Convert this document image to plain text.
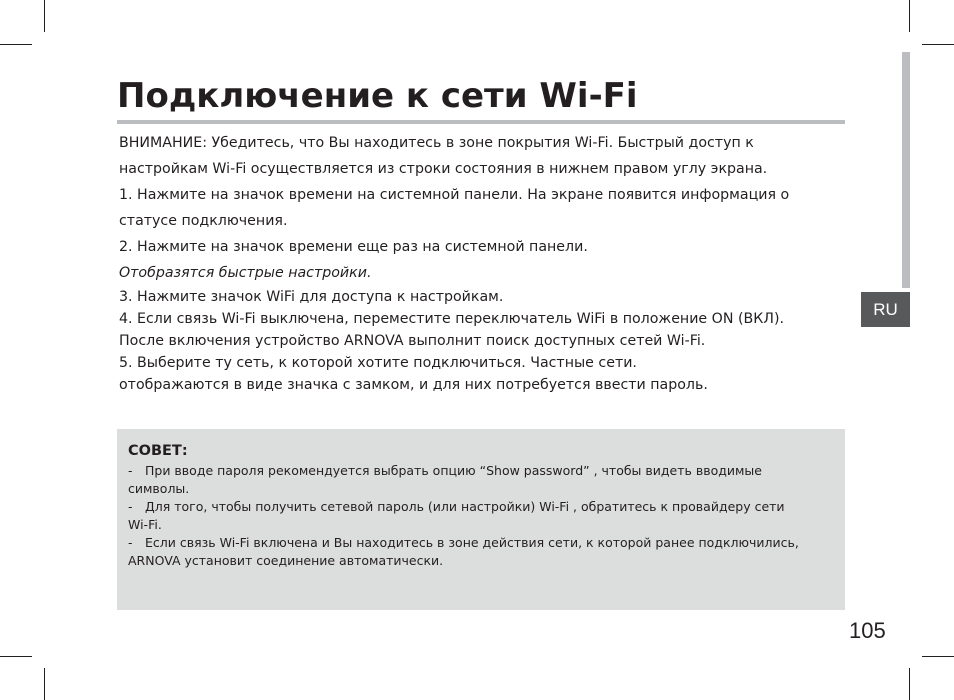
RU
Подключение к сети Wi-Fi

ВНИМАНИЕ: Убедитесь, что Вы находитесь в зоне покрытия Wi-Fi. Быстрый доступ к

настройкам Wi-Fi осуществляется из строки состояния в нижнем правом углу экрана.

1. Нажмите на значок времени на системной панели. На экране появится информация о

статусе подключения.

2. Нажмите на значок времени еще раз на системной панели.

Отобразятся быстрые настройки.

3. Нажмите значок WiFi для доступа к настройкам.

4. Если связь Wi-Fi выключена, переместите переключатель WiFi в положение ON (ВКЛ).

После включения устройство ARNOVA выполнит поиск доступных сетей Wi-Fi.

5. Выберите ту сеть, к которой хотите подключиться. Частные сети.

отображаются в виде значка с замком, и для них потребуется ввести пароль.

СОВЕТ:
- При вводе пароля рекомендуется выбрать опцию “Show password” , чтобы видеть вводимые
символы.
- Для того, чтобы получить сетевой пароль (или настройки) Wi-Fi , обратитесь к провайдеру сети
Wi-Fi.
- Если связь Wi-Fi включена и Вы находитесь в зоне действия сети, к которой ранее подключились,
ARNOVA установит соединение автоматически.
105
